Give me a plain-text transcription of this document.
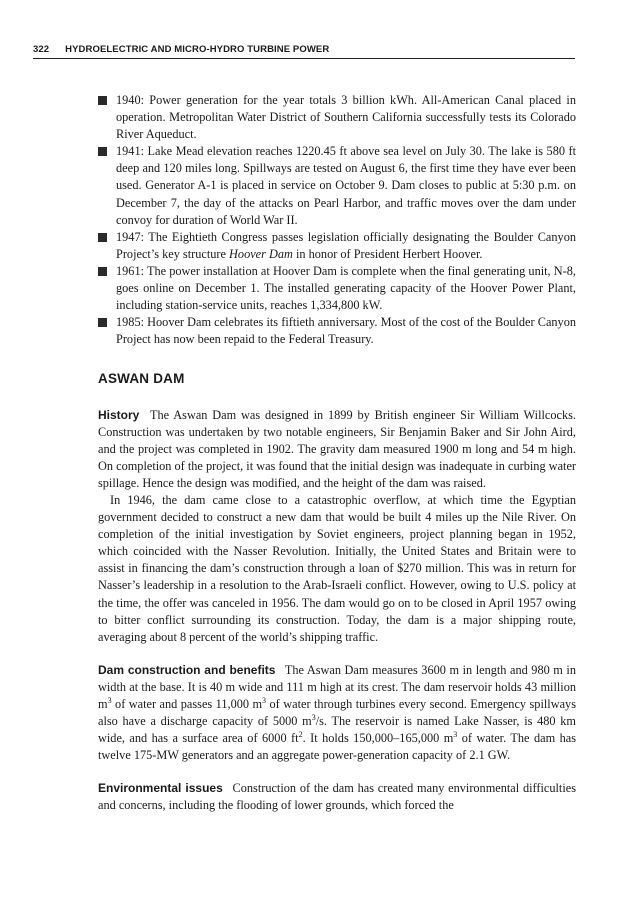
322 HYDROELECTRIC AND MICRO-HYDRO TURBINE POWER
1940: Power generation for the year totals 3 billion kWh. All-American Canal placed in operation. Metropolitan Water District of Southern California successfully tests its Colorado River Aqueduct.
1941: Lake Mead elevation reaches 1220.45 ft above sea level on July 30. The lake is 580 ft deep and 120 miles long. Spillways are tested on August 6, the first time they have ever been used. Generator A-1 is placed in service on October 9. Dam closes to public at 5:30 p.m. on December 7, the day of the attacks on Pearl Harbor, and traffic moves over the dam under convoy for duration of World War II.
1947: The Eightieth Congress passes legislation officially designating the Boulder Canyon Project’s key structure Hoover Dam in honor of President Herbert Hoover.
1961: The power installation at Hoover Dam is complete when the final generating unit, N-8, goes online on December 1. The installed generating capacity of the Hoover Power Plant, including station-service units, reaches 1,334,800 kW.
1985: Hoover Dam celebrates its fiftieth anniversary. Most of the cost of the Boulder Canyon Project has now been repaid to the Federal Treasury.
ASWAN DAM

History The Aswan Dam was designed in 1899 by British engineer Sir William Willcocks. Construction was undertaken by two notable engineers, Sir Benjamin Baker and Sir John Aird, and the project was completed in 1902. The gravity dam measured 1900 m long and 54 m high. On completion of the project, it was found that the initial design was inadequate in curbing water spillage. Hence the design was modified, and the height of the dam was raised.

In 1946, the dam came close to a catastrophic overflow, at which time the Egyptian government decided to construct a new dam that would be built 4 miles up the Nile River. On completion of the initial investigation by Soviet engineers, project planning began in 1952, which coincided with the Nasser Revolution. Initially, the United States and Britain were to assist in financing the dam’s construction through a loan of $270 million. This was in return for Nasser’s leadership in a resolution to the Arab-Israeli conflict. However, owing to U.S. policy at the time, the offer was canceled in 1956. The dam would go on to be closed in April 1957 owing to bitter conflict surrounding its construction. Today, the dam is a major shipping route, averaging about 8 percent of the world’s shipping traffic.

Dam construction and benefits The Aswan Dam measures 3600 m in length and 980 m in width at the base. It is 40 m wide and 111 m high at its crest. The dam reservoir holds 43 million $m^3$ of water and passes 11,000 $m^3$ of water through turbines every second. Emergency spillways also have a discharge capacity of 5000 $m^3/s$. The reservoir is named Lake Nasser, is 480 km wide, and has a surface area of 6000 $ft^2$. It holds 150,000–165,000 $m^3$ of water. The dam has twelve 175-MW generators and an aggregate power-generation capacity of 2.1 GW.

Environmental issues Construction of the dam has created many environmental difficulties and concerns, including the flooding of lower grounds, which forced the
